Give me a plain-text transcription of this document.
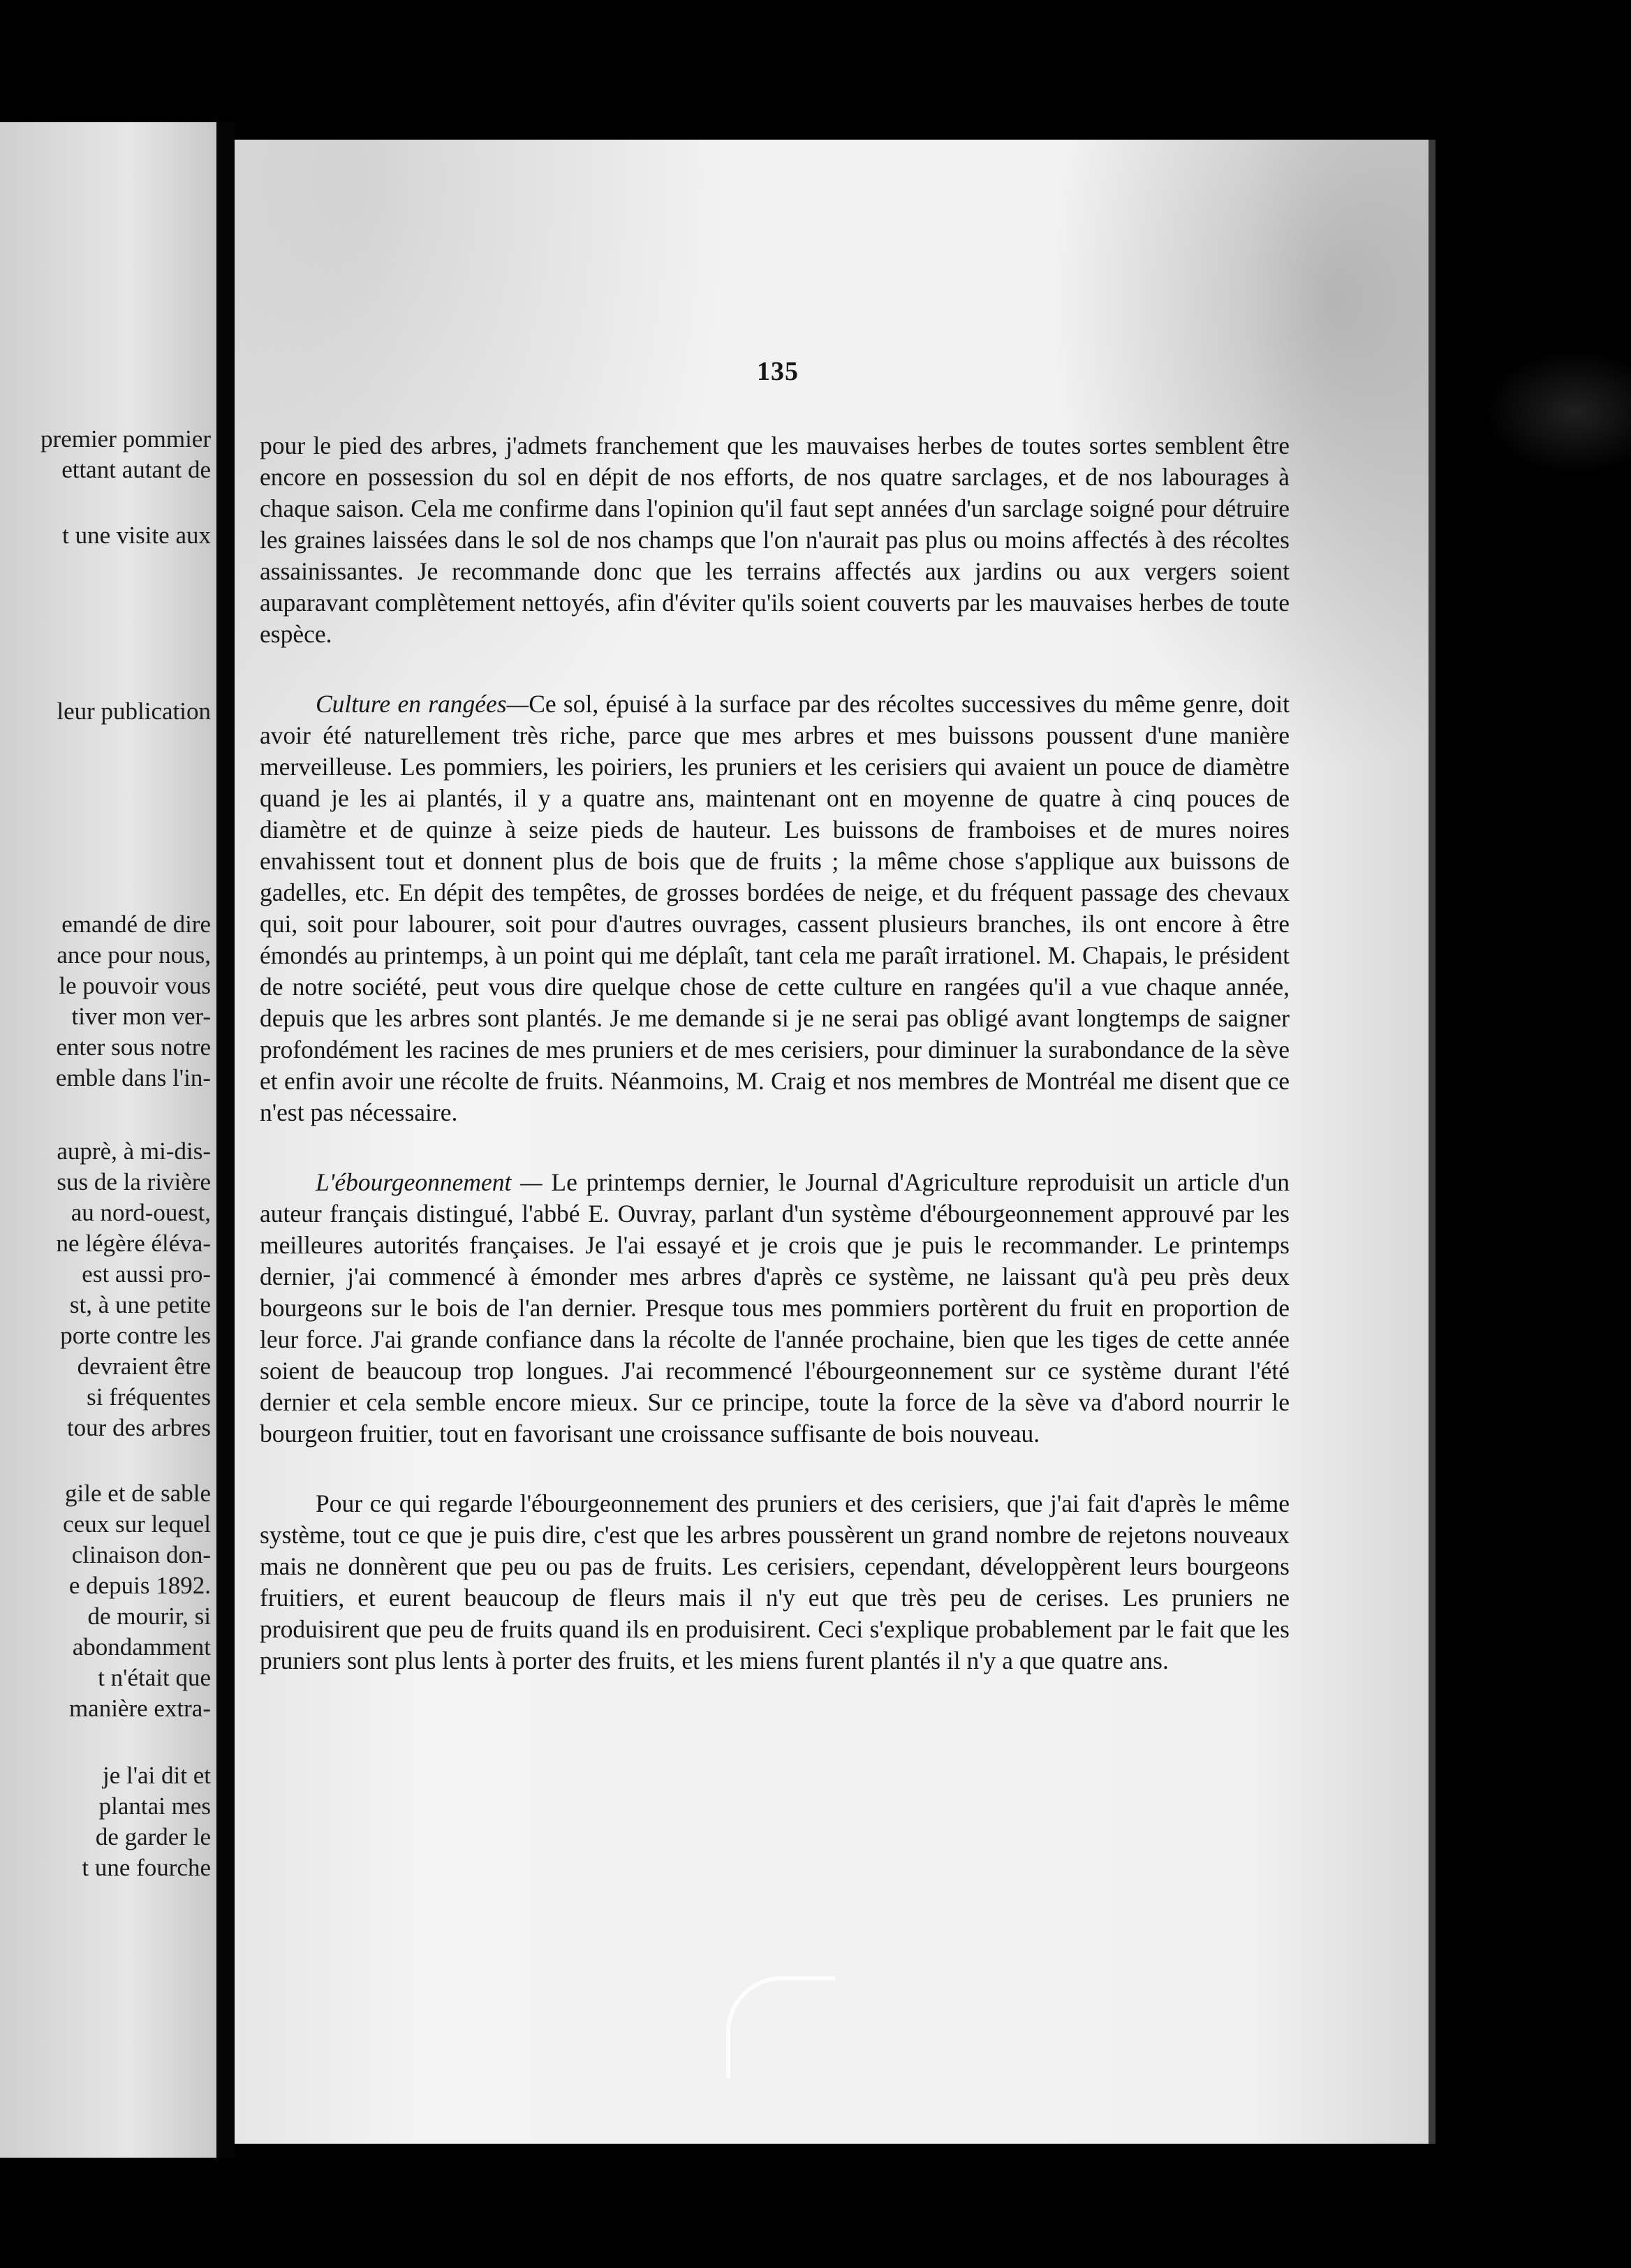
premier pommier
ettant autant de
t une visite aux
leur publication
emandé de dire
ance pour nous,
le pouvoir vous
tiver mon ver-
enter sous notre
emble dans l'in-
auprè, à mi-dis-
sus de la rivière
au nord-ouest,
ne légère éléva-
est aussi pro-
st, à une petite
porte contre les
devraient être
si fréquentes
tour des arbres
gile et de sable
ceux sur lequel
clinaison don-
e depuis 1892.
de mourir, si
abondamment
t n'était que
manière extra-
je l'ai dit et
plantai mes
de garder le
t une fourche
135

pour le pied des arbres, j'admets franchement que les mauvaises herbes de toutes sortes semblent être encore en possession du sol en dépit de nos efforts, de nos quatre sarclages, et de nos labourages à chaque saison. Cela me confirme dans l'opinion qu'il faut sept années d'un sarclage soigné pour détruire les graines laissées dans le sol de nos champs que l'on n'aurait pas plus ou moins affectés à des récoltes assainissantes. Je recommande donc que les terrains affectés aux jardins ou aux vergers soient auparavant complètement nettoyés, afin d'éviter qu'ils soient couverts par les mauvaises herbes de toute espèce.

Culture en rangées—Ce sol, épuisé à la surface par des récoltes successives du même genre, doit avoir été naturellement très riche, parce que mes arbres et mes buissons poussent d'une manière merveilleuse. Les pommiers, les poiriers, les pruniers et les cerisiers qui avaient un pouce de diamètre quand je les ai plantés, il y a quatre ans, maintenant ont en moyenne de quatre à cinq pouces de diamètre et de quinze à seize pieds de hauteur. Les buissons de framboises et de mures noires envahissent tout et donnent plus de bois que de fruits ; la même chose s'applique aux buissons de gadelles, etc. En dépit des tempêtes, de grosses bordées de neige, et du fréquent passage des chevaux qui, soit pour labourer, soit pour d'autres ouvrages, cassent plusieurs branches, ils ont encore à être émondés au printemps, à un point qui me déplaît, tant cela me paraît irrationel. M. Chapais, le président de notre société, peut vous dire quelque chose de cette culture en rangées qu'il a vue chaque année, depuis que les arbres sont plantés. Je me demande si je ne serai pas obligé avant longtemps de saigner profondément les racines de mes pruniers et de mes cerisiers, pour diminuer la surabondance de la sève et enfin avoir une récolte de fruits. Néanmoins, M. Craig et nos membres de Montréal me disent que ce n'est pas nécessaire.

L'ébourgeonnement — Le printemps dernier, le Journal d'Agriculture reproduisit un article d'un auteur français distingué, l'abbé E. Ouvray, parlant d'un système d'ébourgeonnement approuvé par les meilleures autorités françaises. Je l'ai essayé et je crois que je puis le recommander. Le printemps dernier, j'ai commencé à émonder mes arbres d'après ce système, ne laissant qu'à peu près deux bourgeons sur le bois de l'an dernier. Presque tous mes pommiers portèrent du fruit en proportion de leur force. J'ai grande confiance dans la récolte de l'année prochaine, bien que les tiges de cette année soient de beaucoup trop longues. J'ai recommencé l'ébourgeonnement sur ce système durant l'été dernier et cela semble encore mieux. Sur ce principe, toute la force de la sève va d'abord nourrir le bourgeon fruitier, tout en favorisant une croissance suffisante de bois nouveau.

Pour ce qui regarde l'ébourgeonnement des pruniers et des cerisiers, que j'ai fait d'après le même système, tout ce que je puis dire, c'est que les arbres poussèrent un grand nombre de rejetons nouveaux mais ne donnèrent que peu ou pas de fruits. Les cerisiers, cependant, développèrent leurs bourgeons fruitiers, et eurent beaucoup de fleurs mais il n'y eut que très peu de cerises. Les pruniers ne produisirent que peu de fruits quand ils en produisirent. Ceci s'explique probablement par le fait que les pruniers sont plus lents à porter des fruits, et les miens furent plantés il n'y a que quatre ans.
